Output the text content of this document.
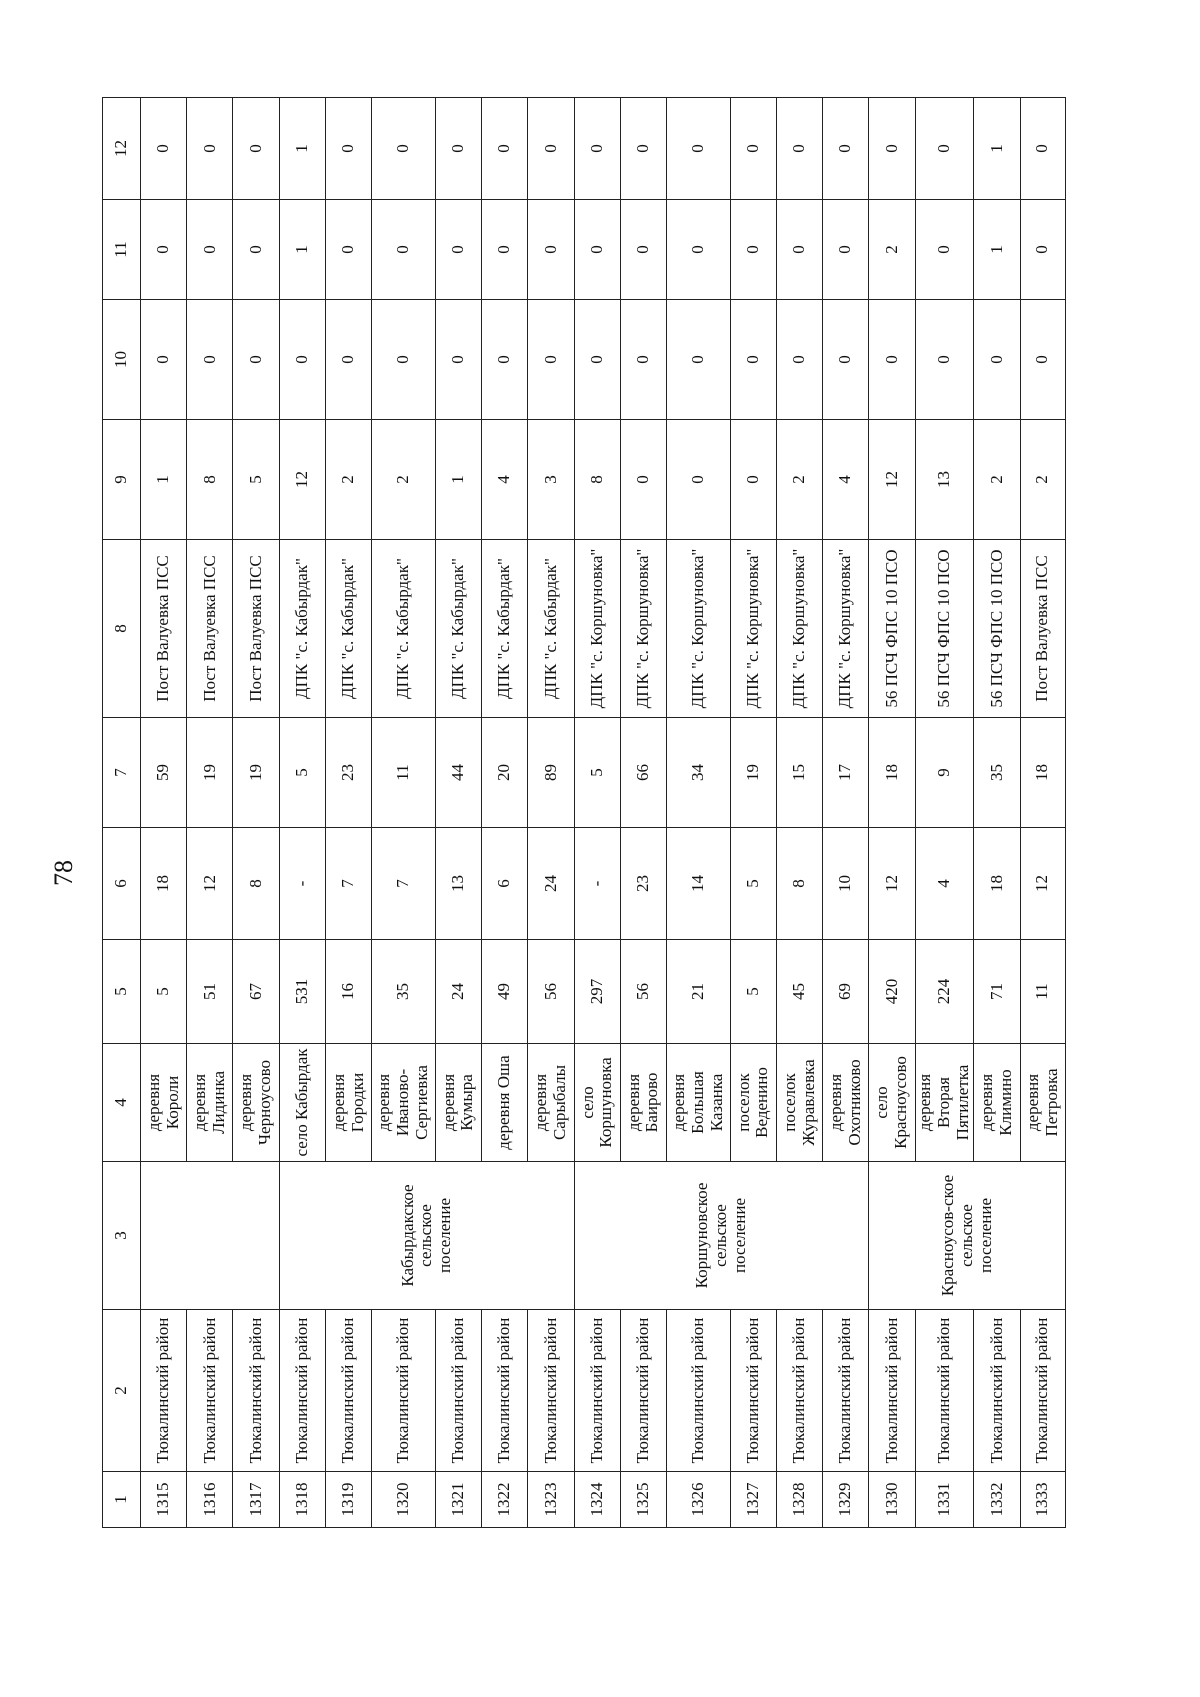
78
1	2	3	4	5	6	7	8	9	10	11	12
1315	Тюкалинский район		деревня Короли	5	18	59	Пост Валуевка ПСС	1	0	0	0
1316	Тюкалинский район		деревня Лидинка	51	12	19	Пост Валуевка ПСС	8	0	0	0
1317	Тюкалинский район		деревня Черноусово	67	8	19	Пост Валуевка ПСС	5	0	0	0
1318	Тюкалинский район	Кабырдакское сельское поселение	село Кабырдак	531	-	5	ДПК "с. Кабырдак"	12	0	1	1
1319	Тюкалинский район		деревня Городки	16	7	23	ДПК "с. Кабырдак"	2	0	0	0
1320	Тюкалинский район		деревня Иваново-Сергиевка	35	7	11	ДПК "с. Кабырдак"	2	0	0	0
1321	Тюкалинский район		деревня Кумыра	24	13	44	ДПК "с. Кабырдак"	1	0	0	0
1322	Тюкалинский район		деревня Оша	49	6	20	ДПК "с. Кабырдак"	4	0	0	0
1323	Тюкалинский район		деревня Сарыбалы	56	24	89	ДПК "с. Кабырдак"	3	0	0	0
1324	Тюкалинский район	Коршуновское сельское поселение	село Коршуновка	297	-	5	ДПК "с. Коршуновка"	8	0	0	0
1325	Тюкалинский район		деревня Баирово	56	23	66	ДПК "с. Коршуновка"	0	0	0	0
1326	Тюкалинский район		деревня Большая Казанка	21	14	34	ДПК "с. Коршуновка"	0	0	0	0
1327	Тюкалинский район		поселок Веденино	5	5	19	ДПК "с. Коршуновка"	0	0	0	0
1328	Тюкалинский район		поселок Журавлевка	45	8	15	ДПК "с. Коршуновка"	2	0	0	0
1329	Тюкалинский район		деревня Охотниково	69	10	17	ДПК "с. Коршуновка"	4	0	0	0
1330	Тюкалинский район	Красноусов-ское сельское поселение	село Красноусово	420	12	18	56 ПСЧ ФПС 10 ПСО	12	0	2	0
1331	Тюкалинский район		деревня Вторая Пятилетка	224	4	9	56 ПСЧ ФПС 10 ПСО	13	0	0	0
1332	Тюкалинский район		деревня Климино	71	18	35	56 ПСЧ ФПС 10 ПСО	2	0	1	1
1333	Тюкалинский район		деревня Петровка	11	12	18	Пост Валуевка ПСС	2	0	0	0
